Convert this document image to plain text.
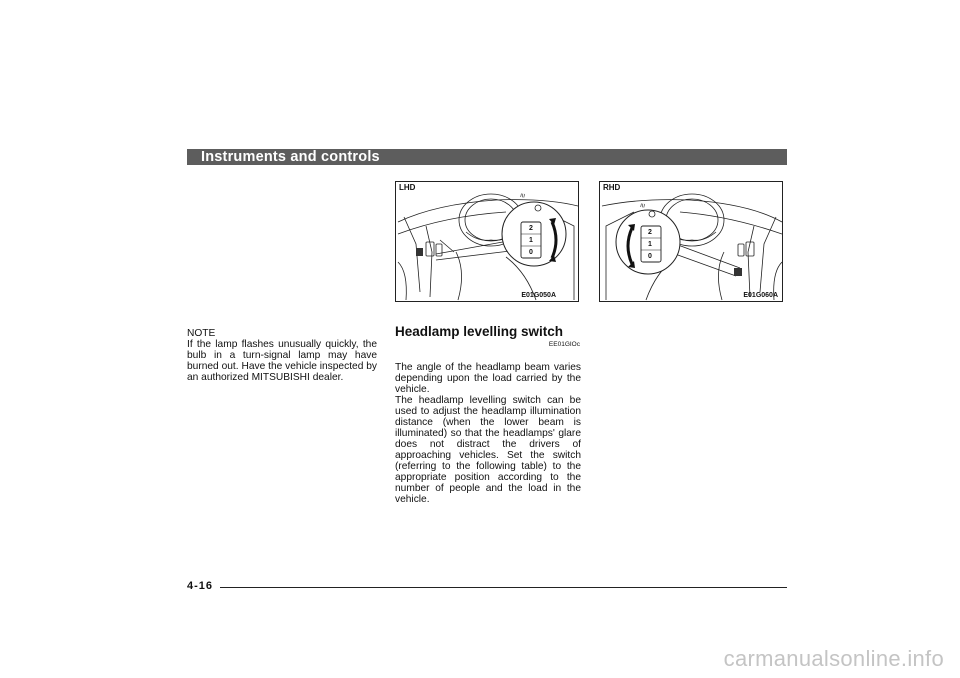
Instruments and controls
☰
LHD
2
1
0
E01G050A
☰
RHD
2
1
0
E01G060A
NOTE
If the lamp flashes unusually quickly, the bulb in a turn-signal lamp may have burned out. Have the vehicle inspected by an authorized MITSUBISHI dealer.
Headlamp levelling switch
EE01GIOc

The angle of the headlamp beam varies depending upon the load carried by the vehicle.

The headlamp levelling switch can be used to adjust the headlamp illumination distance (when the lower beam is illuminated) so that the headlamps' glare does not distract the drivers of approaching vehicles. Set the switch (referring to the following table) to the appropriate position according to the number of people and the load in the vehicle.

4-16
carmanualsonline.info
